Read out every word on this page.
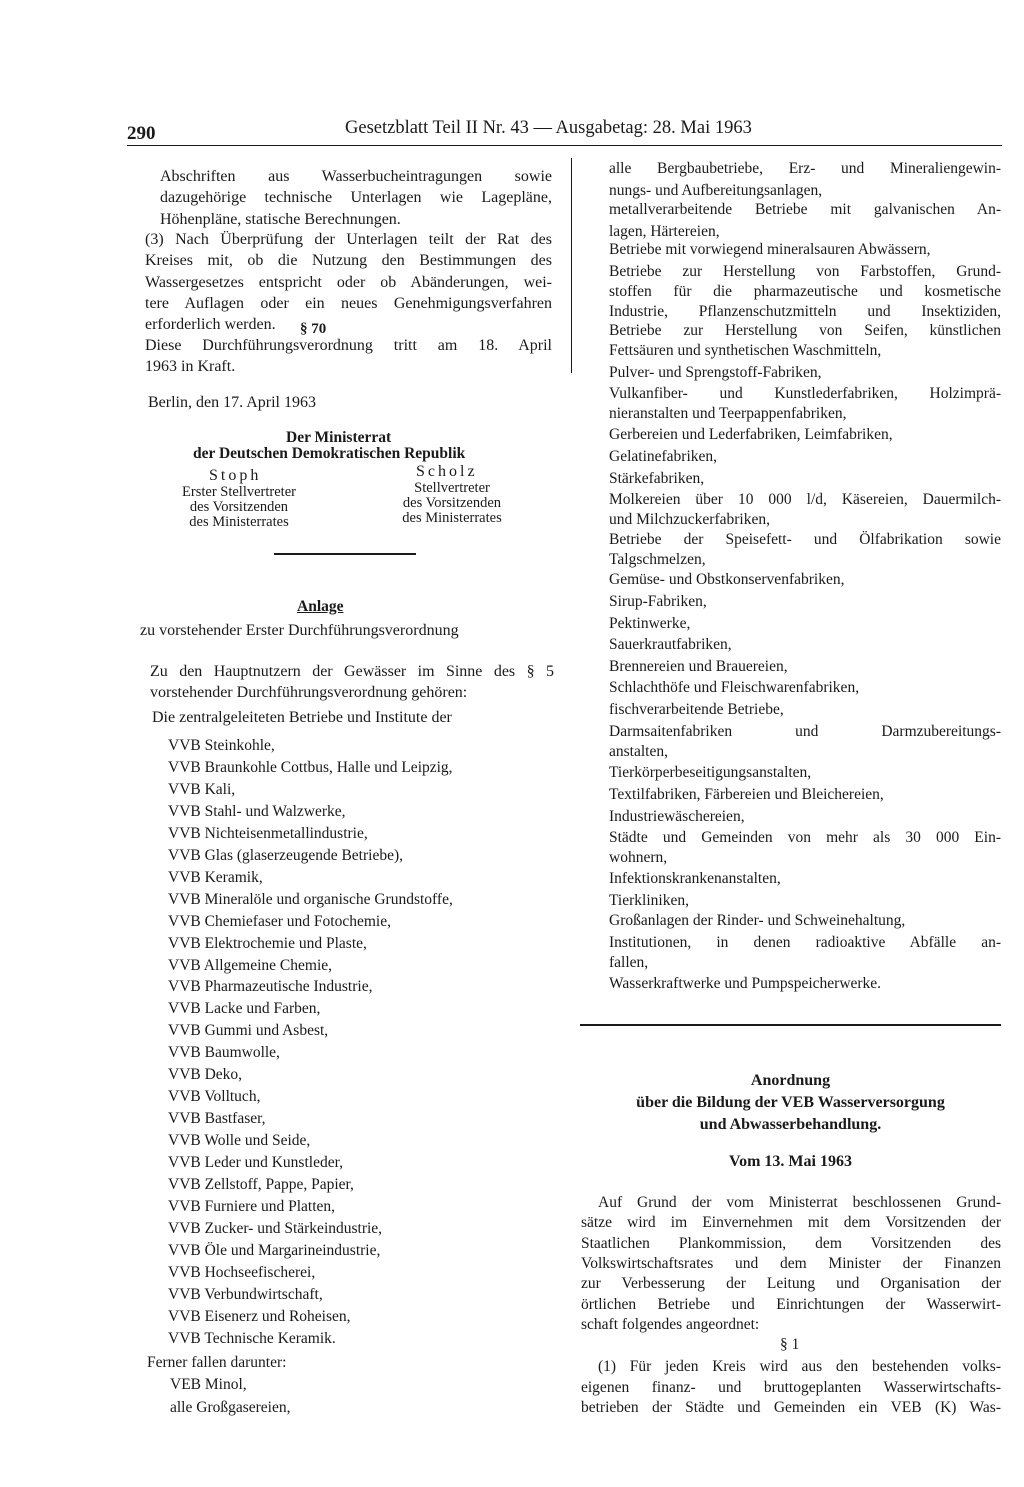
290	Gesetzblatt Teil II Nr. 43 — Ausgabetag: 28. Mai 1963
Abschriften aus Wasserbucheintragungen sowie
dazugehörige technische Unterlagen wie Lagepläne,
Höhenpläne, statische Berechnungen.
(3) Nach Überprüfung der Unterlagen teilt der Rat des
Kreises mit, ob die Nutzung den Bestimmungen des
Wassergesetzes entspricht oder ob Abänderungen, wei-
tere Auflagen oder ein neues Genehmigungsverfahren
erforderlich werden.	§ 70
Diese Durchführungsverordnung tritt am 18. April
1963 in Kraft.
Berlin, den 17. April 1963
Der Ministerrat
der Deutschen Demokratischen Republik
Stoph	Scholz
Erster Stellvertreter
des Vorsitzenden
des Ministerrates
Stellvertreter
des Vorsitzenden
des Ministerrates
Anlage
zu vorstehender Erster Durchführungsverordnung
Zu den Hauptnutzern der Gewässer im Sinne des § 5
vorstehender Durchführungsverordnung gehören:
Die zentralgeleiteten Betriebe und Institute der
VVB Steinkohle,
VVB Braunkohle Cottbus, Halle und Leipzig,
VVB Kali,
VVB Stahl- und Walzwerke,
VVB Nichteisenmetallindustrie,
VVB Glas (glaserzeugende Betriebe),
VVB Keramik,
VVB Mineralöle und organische Grundstoffe,
VVB Chemiefaser und Fotochemie,
VVB Elektrochemie und Plaste,
VVB Allgemeine Chemie,
VVB Pharmazeutische Industrie,
VVB Lacke und Farben,
VVB Gummi und Asbest,
VVB Baumwolle,
VVB Deko,
VVB Volltuch,
VVB Bastfaser,
VVB Wolle und Seide,
VVB Leder und Kunstleder,
VVB Zellstoff, Pappe, Papier,
VVB Furniere und Platten,
VVB Zucker- und Stärkeindustrie,
VVB Öle und Margarineindustrie,
VVB Hochseefischerei,
VVB Verbundwirtschaft,
VVB Eisenerz und Roheisen,
VVB Technische Keramik.
Ferner fallen darunter:
VEB Minol,
alle Großgasereien,
alle Bergbaubetriebe, Erz- und Mineraliengewin-
nungs- und Aufbereitungsanlagen,
metallverarbeitende Betriebe mit galvanischen An-
lagen, Härtereien,
Betriebe mit vorwiegend mineralsauren Abwässern,
Betriebe zur Herstellung von Farbstoffen, Grund-
stoffen für die pharmazeutische und kosmetische
Industrie, Pflanzenschutzmitteln und Insektiziden,
Betriebe zur Herstellung von Seifen, künstlichen
Fettsäuren und synthetischen Waschmitteln,
Pulver- und Sprengstoff-Fabriken,
Vulkanfiber- und Kunstlederfabriken, Holzimprä-
nieranstalten und Teerpappenfabriken,
Gerbereien und Lederfabriken, Leimfabriken,
Gelatinefabriken,
Stärkefabriken,
Molkereien über 10 000 l/d, Käsereien, Dauermilch-
und Milchzuckerfabriken,
Betriebe der Speisefett- und Ölfabrikation sowie
Talgschmelzen,
Gemüse- und Obstkonservenfabriken,
Sirup-Fabriken,
Pektinwerke,
Sauerkrautfabriken,
Brennereien und Brauereien,
Schlachthöfe und Fleischwarenfabriken,
fischverarbeitende Betriebe,
Darmsaitenfabriken und Darmzubereitungs-
anstalten,
Tierkörperbeseitigungsanstalten,
Textilfabriken, Färbereien und Bleichereien,
Industriewäschereien,
Städte und Gemeinden von mehr als 30 000 Ein-
wohnern,
Infektionskrankenanstalten,
Tierkliniken,
Großanlagen der Rinder- und Schweinehaltung,
Institutionen, in denen radioaktive Abfälle an-
fallen,
Wasserkraftwerke und Pumpspeicherwerke.
Anordnung
über die Bildung der VEB Wasserversorgung
und Abwasserbehandlung.
Vom 13. Mai 1963
Auf Grund der vom Ministerrat beschlossenen Grund-
sätze wird im Einvernehmen mit dem Vorsitzenden der
Staatlichen Plankommission, dem Vorsitzenden des
Volkswirtschaftsrates und dem Minister der Finanzen
zur Verbesserung der Leitung und Organisation der
örtlichen Betriebe und Einrichtungen der Wasserwirt-
schaft folgendes angeordnet:
§ 1
(1) Für jeden Kreis wird aus den bestehenden volks-
eigenen finanz- und bruttogeplanten Wasserwirtschafts-
betrieben der Städte und Gemeinden ein VEB (K) Was-
